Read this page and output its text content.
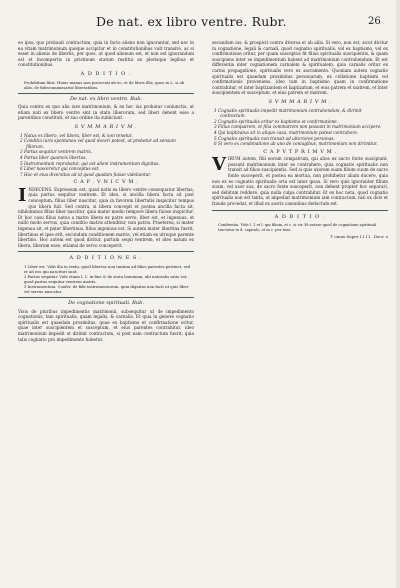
De nat. ex libro ventre. Rubr.	26

eo ipso, quo probauit contractum, quia in facto alieno non ignorantur, sed nec in ea vitam matrimonium quoque accipitur et in constitutionibus vult transire, ac si esset in alienis de libertis, per quos, ut quod alienum est, et non est ignorandum est et incompertis in pristinum statum restitui ex plerisque legibus et constitutionibus.

A D D I T I O .

Prohibitum libri. Huius manus non prosecuti ab eo, et de libris illis, quos in L. si ab aliis, de fideicommissariis libertatibus.

De nat. ex libro ventre. Rub.

Quia contra ex quo alia iure matrimonium, & ex hoc ius probatur coniunctio, ut etiam nati ex libero ventre sint in statu liberorum, sed liberi debent esse a parentibus constituti, et suo ordine ita subiiciunt.

S V M M A R I V M .

1 Natus ex libero, vel libera, liber est, & non tenetur.

2 Conditio iuris spontanea vel quod doceri potest, ut probetur ad sensum filiorum.

3 Partus sequitur ventrem matris.

4 Partus liber quamvis libertas.

5 Instrumentum reprobatur, qui est alieni instrumentum dignitas.

6 Liber nasceretur qui conceptus est.

7 Hoc et eius diversitas ad id quod quadam fuisse videbantur.

C A P . V N I C V M .

INDECENS. Expressum est, quod natis ex libero ventre consequatur libertas, quia partus sequitur ventrem. Et ideo, si ancilla libera facta sit post conceptum, filius liber nascitur, quia in favorem libertatis inspicitur tempus quo libera fuit. Sed contra, si libera concepit et postea ancilla facta sit, nihilominus filius liber nascitur, quia mater medio tempore libera fuisse inspicitur. Et hoc casu filius natus a matre libera ex patre servo, liber est, et ingenuus, et nullo modo servus, quia conditio matris attenditur, non patris. Praeterea, si mater ingenua sit, et pater libertinus, filius ingenuus est. Si autem mater libertina fuerit, libertinus et ipse erit, secundum conditionem matris, vel etiam ex utroque parente libertino. Hoc autem est quod dicitur, partum sequi ventrem, et ideo natum ex libera, liberum esse, etiamsi de servo conceperit.

A D D I T I O N E S .

1 Liber est. Vide illa in textu, quod libertas non tantum ad filios parentes pertinet, sed et ad eos qui nascituri sunt.

2 Partus sequitur. Vide etiam l. 1. in fine & de statu hominum, ubi naturalis ratio est, quod partus sequitur ventrem matris.

3 Instrumentum. Confer. de fide instrumentorum, quia dignitas non facit ut quis liber vel servus nascatur.

De cognatione spirituali. Rub.

Visis de pluribus impedimentis matrimonii, subsequitur ut de impedimento cognationis, tam spiritualis, quam legalis, & carnalis. Et quia in genere cognatio spiritualis est quaedam proximitas, quae ex baptismo et confirmatione oritur, quae inter suscipientem et susceptum, et eius parentes contrahitur, ideo matrimonium impedit et dirimit contractum, si post eam contractum fuerit, quia talis cognatio pro impedimento habetur.

secundum ius, & prospicit contra diversa et ab aliis. Si vero, non est, sicut dicitur in cognatione, legali & carnali, quod cognatio spiritualis, vel ex baptismo, vel ex confirmatione oritur, per quam susceptus fit filius spiritualis suscipientis, & quam suscipiens inter se impedimentum habent ad matrimonium contrahendum. Et est differentia inter cognationem carnalem & spiritualem, quia carnalis oritur ex carnis propagatione, spiritualis vero ex sacramento. Quoniam autem cognatio spiritualis est quaedam proximitas personarum, ex collatione baptismi vel confirmationis proveniens, ideo tam in baptismo quam in confirmatione contrahitur, et inter baptizantem et baptizatum, et eius patrem et matrem, et inter suscipientem et susceptum, et eius patrem et matrem.

S V M M A R I V M .

1 Cognatio spiritualis impedit matrimonium contrahendum, & dirimit contractum.

2 Cognatio spiritualis oritur ex baptismo et confirmatione.

3 Filius compatrem, et filia commatrem non possunt in matrimonium accipere.

4 Qui baptizatus sit in aliquo casu, matrimonium potest contrahere.

5 Cognatio spiritualis non transit ad ulteriores personas.

6 Si vero ex condonatione ab uno de coniugibus, matrimonium non dirimitur.

C A P V T P R I M V M .

VIRUM autem, filii eorum compatrum, qui alios ex sacro fonte suscipiunt, possunt matrimonium inter se contrahere, quia cognatio spiritualis non transit ad filios suscipientis. Sed si quis uxorem suam filium suum de sacro fonte susceperit, et postea ea mortua, non prohibetur aliam ducere, quia non ex eo cognatio spiritualis orta est inter ipsos. Si vero quis ignoranter filium suum, vel uxor sua, de sacro fonte susceperit, non debent propter hoc separari, sed debitum reddere, quia nulla culpa contrahitur. Et ex hoc nota, quod cognatio spiritualis non est tanta, ut impediat matrimonium iam contractum, nisi ex dolo et fraude procedat, et illud ex sacris canonibus deductum est.

A D D I T I O .

Confitentia. Vide l. 1 et l. qui filium, et c. si vir. Et notare quod de cognatione spirituali tractatur in d. capitulo, et in c. per tuas.

T omus Super I I I I . Decr. o
